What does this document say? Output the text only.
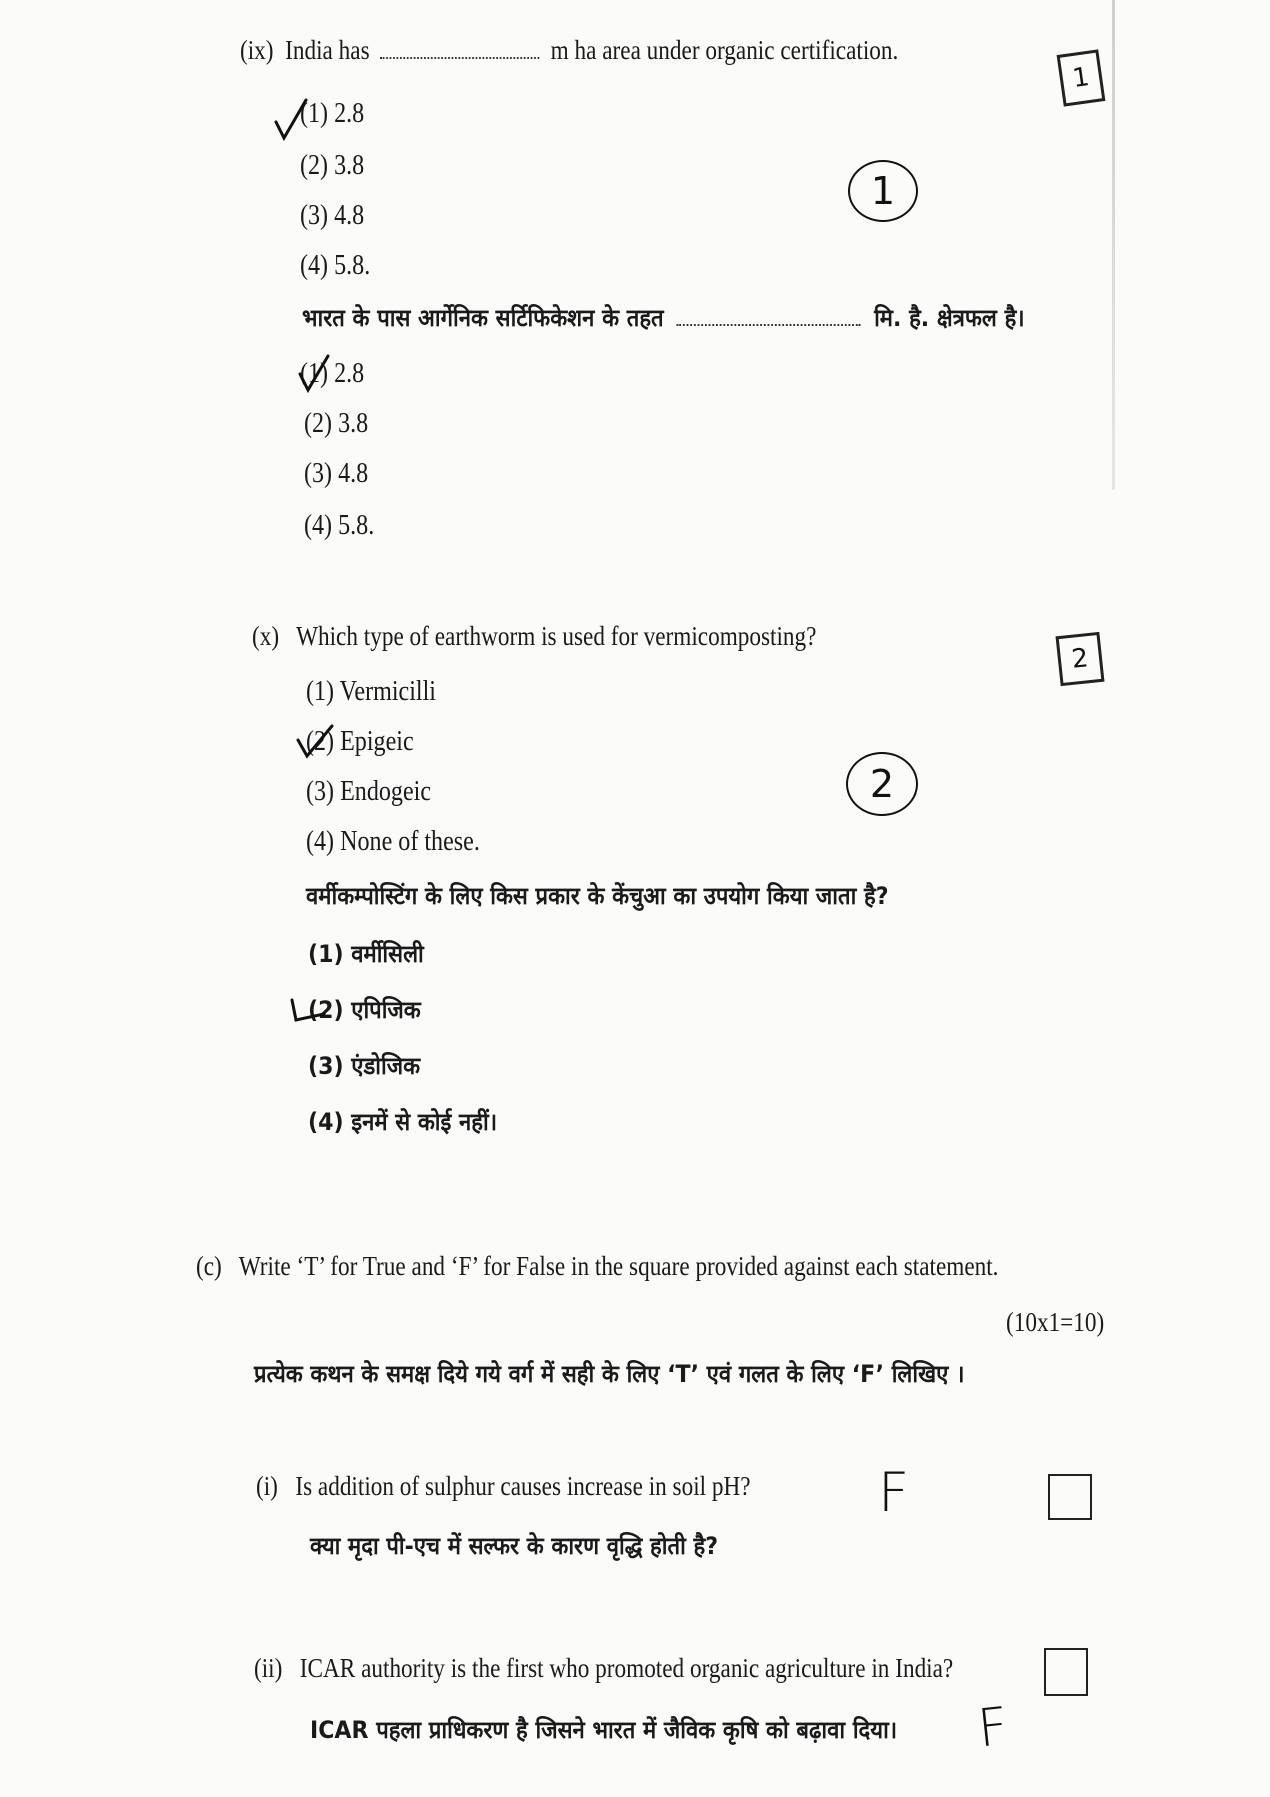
(ix) India has	m ha area under organic certification.
(1) 2.8
(2) 3.8
(3) 4.8
(4) 5.8.
भारत के पास आर्गेनिक सर्टिफिकेशन के तहत	मि. है. क्षेत्रफल है।
(1) 2.8
(2) 3.8
(3) 4.8
(4) 5.8.
1
1
(x) Which type of earthworm is used for vermicomposting?
(1) Vermicilli
(2) Epigeic
(3) Endogeic
(4) None of these.
वर्मीकम्पोस्टिंग के लिए किस प्रकार के केंचुआ का उपयोग किया जाता है?
(1) वर्मीसिली
(2) एपिजिक
(3) एंडोजिक
(4) इनमें से कोई नहीं।
2
2
(c) Write ‘T’ for True and ‘F’ for False in the square provided against each statement.
(10x1=10)
प्रत्येक कथन के समक्ष दिये गये वर्ग में सही के लिए ‘T’ एवं गलत के लिए ‘F’ लिखिए ।
(i) Is addition of sulphur causes increase in soil pH?
क्या मृदा पी-एच में सल्फर के कारण वृद्धि होती है?
F
(ii) ICAR authority is the first who promoted organic agriculture in India?
ICAR पहला प्राधिकरण है जिसने भारत में जैविक कृषि को बढ़ावा दिया। F
